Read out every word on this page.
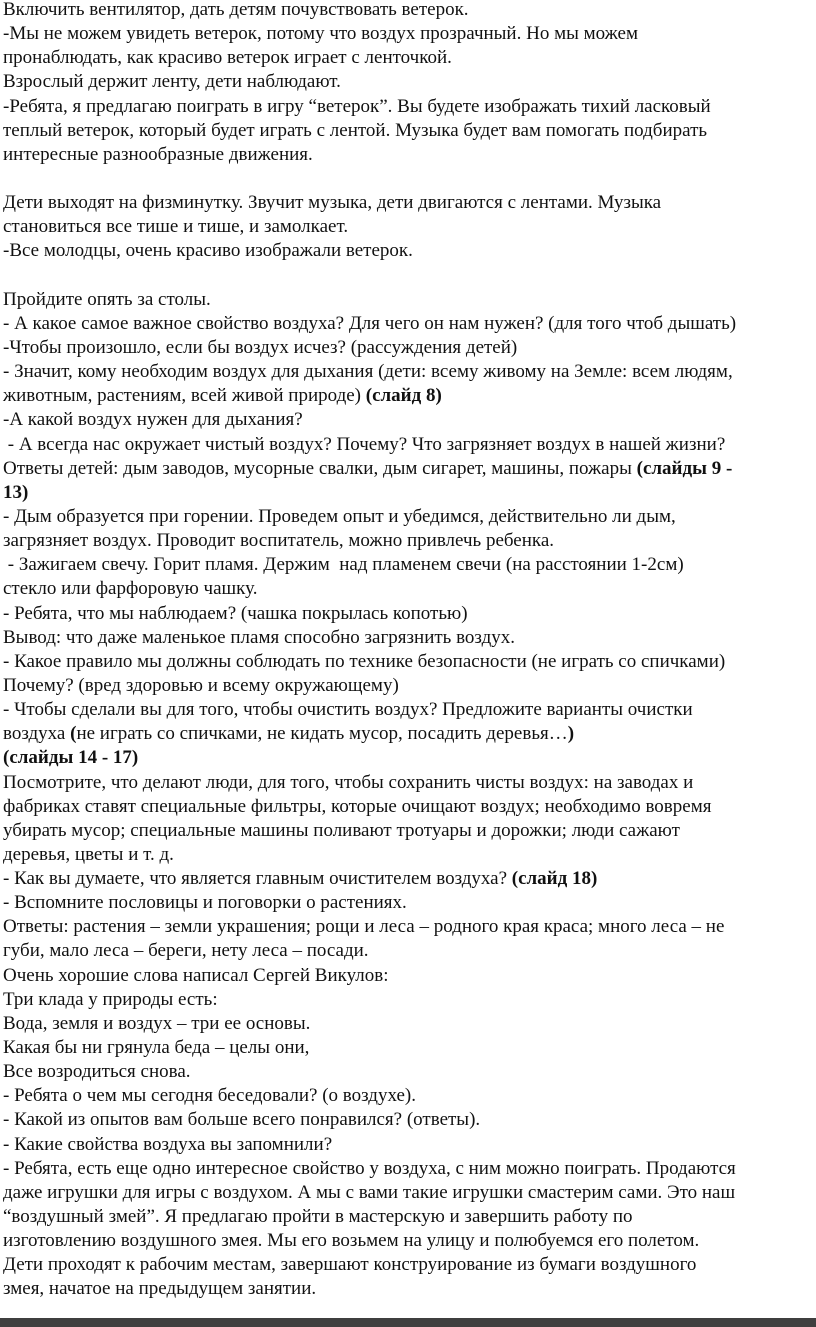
Включить вентилятор, дать детям почувствовать ветерок.
-Мы не можем увидеть ветерок, потому что воздух прозрачный. Но мы можем
пронаблюдать, как красиво ветерок играет с ленточкой.
Взрослый держит ленту, дети наблюдают.
-Ребята, я предлагаю поиграть в игру “ветерок”. Вы будете изображать тихий ласковый
теплый ветерок, который будет играть с лентой. Музыка будет вам помогать подбирать
интересные разнообразные движения.

Дети выходят на физминутку. Звучит музыка, дети двигаются с лентами. Музыка
становиться все тише и тише, и замолкает.
-Все молодцы, очень красиво изображали ветерок.

Пройдите опять за столы.
- А какое самое важное свойство воздуха? Для чего он нам нужен? (для того чтоб дышать)
-Чтобы произошло, если бы воздух исчез? (рассуждения детей)
- Значит, кому необходим воздух для дыхания (дети: всему живому на Земле: всем людям,
животным, растениям, всей живой природе) (слайд 8)
-А какой воздух нужен для дыхания?
- А всегда нас окружает чистый воздух? Почему? Что загрязняет воздух в нашей жизни?
Ответы детей: дым заводов, мусорные свалки, дым сигарет, машины, пожары (слайды 9 -
13)
- Дым образуется при горении. Проведем опыт и убедимся, действительно ли дым,
загрязняет воздух. Проводит воспитатель, можно привлечь ребенка.
- Зажигаем свечу. Горит пламя. Держим  над пламенем свечи (на расстоянии 1-2см)
стекло или фарфоровую чашку.
- Ребята, что мы наблюдаем? (чашка покрылась копотью)
Вывод: что даже маленькое пламя способно загрязнить воздух.
- Какое правило мы должны соблюдать по технике безопасности (не играть со спичками)
Почему? (вред здоровью и всему окружающему)
- Чтобы сделали вы для того, чтобы очистить воздух? Предложите варианты очистки
воздуха (не играть со спичками, не кидать мусор, посадить деревья…)
(слайды 14 - 17)
Посмотрите, что делают люди, для того, чтобы сохранить чисты воздух: на заводах и
фабриках ставят специальные фильтры, которые очищают воздух; необходимо вовремя
убирать мусор; специальные машины поливают тротуары и дорожки; люди сажают
деревья, цветы и т. д.
- Как вы думаете, что является главным очистителем воздуха? (слайд 18)
- Вспомните пословицы и поговорки о растениях.
Ответы: растения – земли украшения; рощи и леса – родного края краса; много леса – не
губи, мало леса – береги, нету леса – посади.
Очень хорошие слова написал Сергей Викулов:
Три клада у природы есть:
Вода, земля и воздух – три ее основы.
Какая бы ни грянула беда – целы они,
Все возродиться снова.
- Ребята о чем мы сегодня беседовали? (о воздухе).
- Какой из опытов вам больше всего понравился? (ответы).
- Какие свойства воздуха вы запомнили?
- Ребята, есть еще одно интересное свойство у воздуха, с ним можно поиграть. Продаются
даже игрушки для игры с воздухом. А мы с вами такие игрушки смастерим сами. Это наш
“воздушный змей”. Я предлагаю пройти в мастерскую и завершить работу по
изготовлению воздушного змея. Мы его возьмем на улицу и полюбуемся его полетом.
Дети проходят к рабочим местам, завершают конструирование из бумаги воздушного
змея, начатое на предыдущем занятии.
